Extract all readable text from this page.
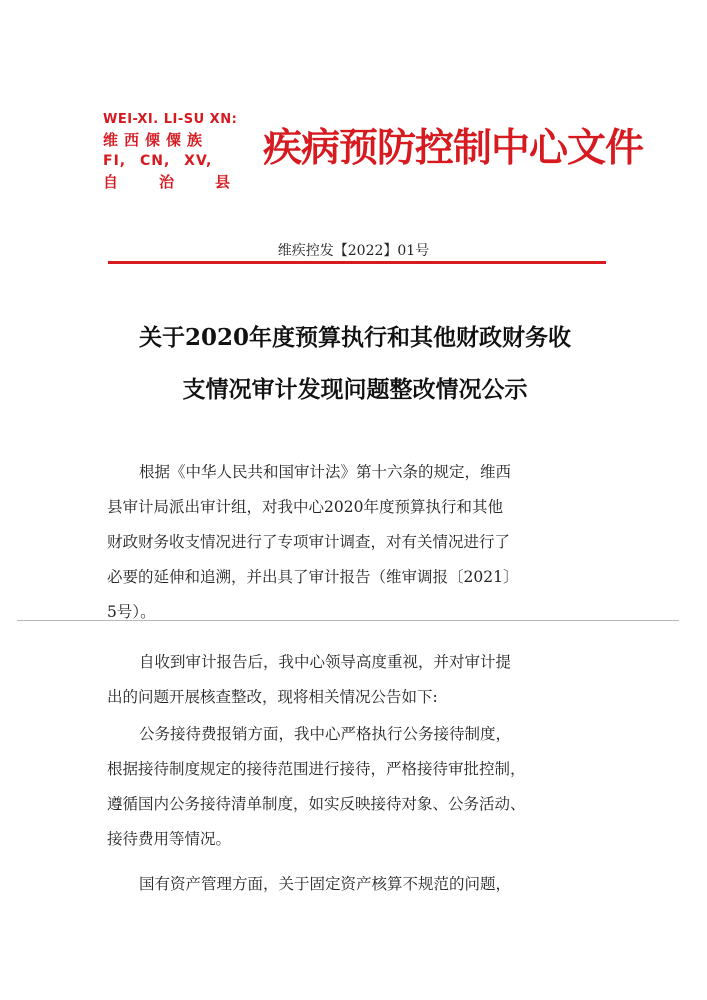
WEI-XI. LI-SU XN:
维西傈僳族
FI, CN, XV,
自	治	县
疾病预防控制中心文件
维疾控发【2022】01号
关于2020年度预算执行和其他财政财务收
支情况审计发现问题整改情况公示
根据《中华人民共和国审计法》第十六条的规定，维西
县审计局派出审计组，对我中心2020年度预算执行和其他
财政财务收支情况进行了专项审计调查，对有关情况进行了
必要的延伸和追溯，并出具了审计报告（维审调报〔2021〕
5号）。
自收到审计报告后，我中心领导高度重视，并对审计提
出的问题开展核查整改，现将相关情况公告如下:
公务接待费报销方面，我中心严格执行公务接待制度，
根据接待制度规定的接待范围进行接待，严格接待审批控制，
遵循国内公务接待清单制度，如实反映接待对象、公务活动、
接待费用等情况。
国有资产管理方面，关于固定资产核算不规范的问题，
